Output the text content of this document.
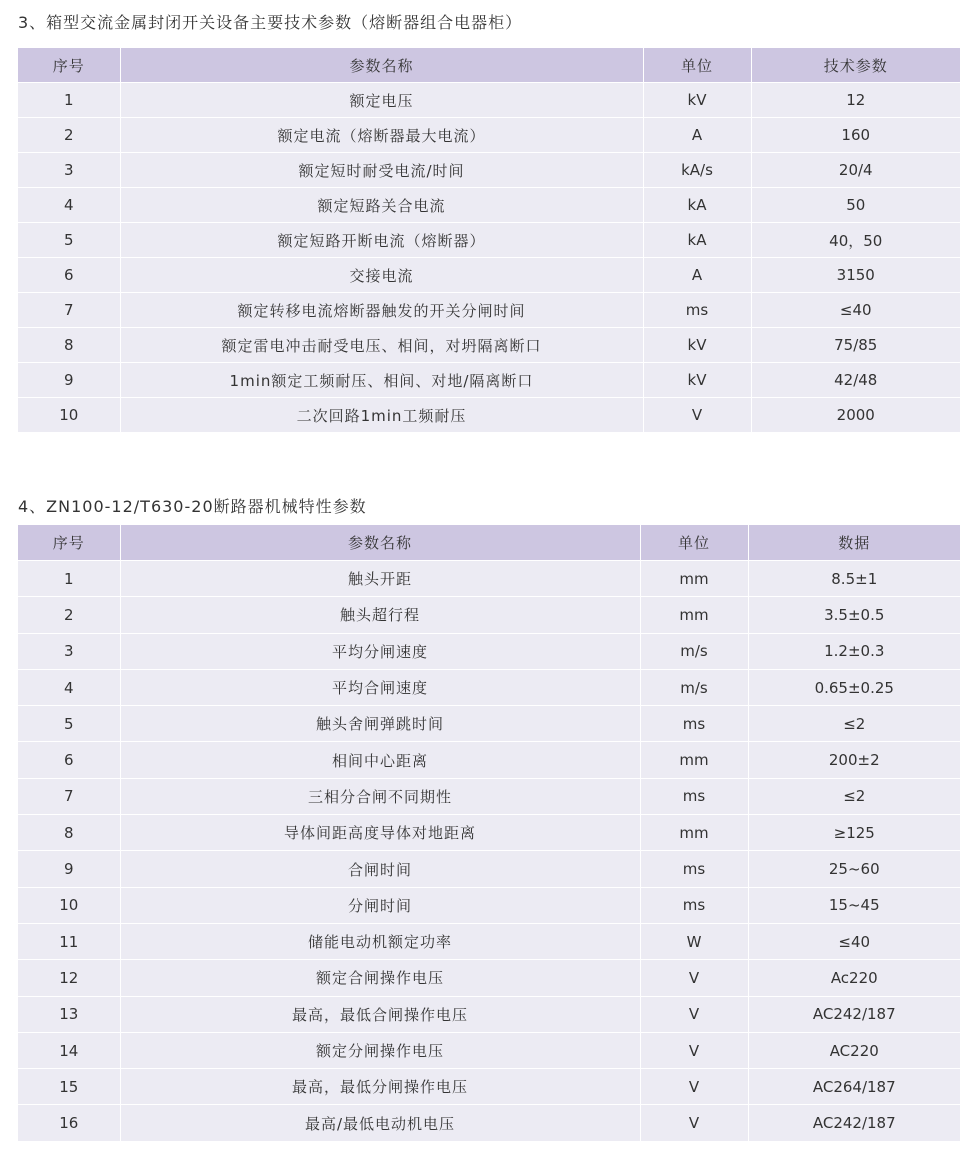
3、箱型交流金属封闭开关设备主要技术参数（熔断器组合电器柜）
序号	参数名称	单位	技术参数
1	额定电压	kV	12
2	额定电流（熔断器最大电流）	A	160
3	额定短时耐受电流/时间	kA/s	20/4
4	额定短路关合电流	kA	50
5	额定短路开断电流（熔断器）	kA	40，50
6	交接电流	A	3150
7	额定转移电流熔断器触发的开关分闸时间	ms	≤40
8	额定雷电冲击耐受电压、相间，对坍隔离断口	kV	75/85
9	1min额定工频耐压、相间、对地/隔离断口	kV	42/48
10	二次回路1min工频耐压	V	2000
4、ZN100-12/T630-20断路器机械特性参数
序号	参数名称	单位	数据
1	触头开距	mm	8.5±1
2	触头超行程	mm	3.5±0.5
3	平均分闸速度	m/s	1.2±0.3
4	平均合闸速度	m/s	0.65±0.25
5	触头舍闸弹跳时间	ms	≤2
6	相间中心距离	mm	200±2
7	三相分合闸不同期性	ms	≤2
8	导体间距高度导体对地距离	mm	≥125
9	合闸时间	ms	25~60
10	分闸时间	ms	15~45
11	储能电动机额定功率	W	≤40
12	额定合闸操作电压	V	Ac220
13	最高，最低合闸操作电压	V	AC242/187
14	额定分闸操作电压	V	AC220
15	最高，最低分闸操作电压	V	AC264/187
16	最高/最低电动机电压	V	AC242/187
